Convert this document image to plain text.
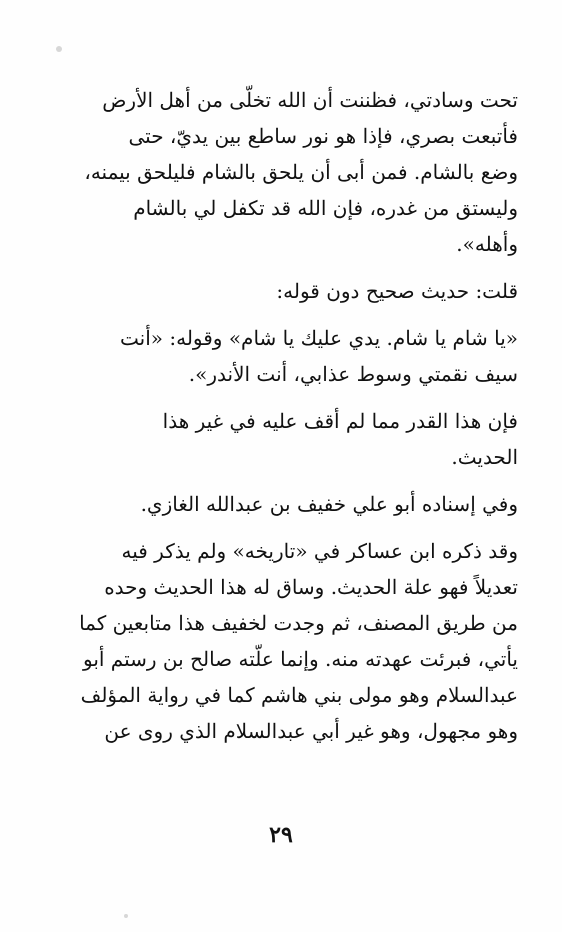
تحت وسادتي، فظننت أن الله تخلّى من أهل الأرض
فأتبعت بصري، فإذا هو نور ساطع بين يديّ، حتى
وضع بالشام. فمن أبى أن يلحق بالشام فليلحق بيمنه،
وليستق من غدره، فإن الله قد تكفل لي بالشام
وأهله».
قلت: حديث صحيح دون قوله:
«يا شام يا شام. يدي عليك يا شام» وقوله: «أنت
سيف نقمتي وسوط عذابي، أنت الأندر».
فإن هذا القدر مما لم أقف عليه في غير هذا
الحديث.
وفي إسناده أبو علي خفيف بن عبدالله الغازي.
وقد ذكره ابن عساكر في «تاريخه» ولم يذكر فيه
تعديلاً فهو علة الحديث. وساق له هذا الحديث وحده
من طريق المصنف، ثم وجدت لخفيف هذا متابعين كما
يأتي، فبرئت عهدته منه. وإنما علّته صالح بن رستم أبو
عبدالسلام وهو مولى بني هاشم كما في رواية المؤلف
وهو مجهول، وهو غير أبي عبدالسلام الذي روى عن
٢٩
